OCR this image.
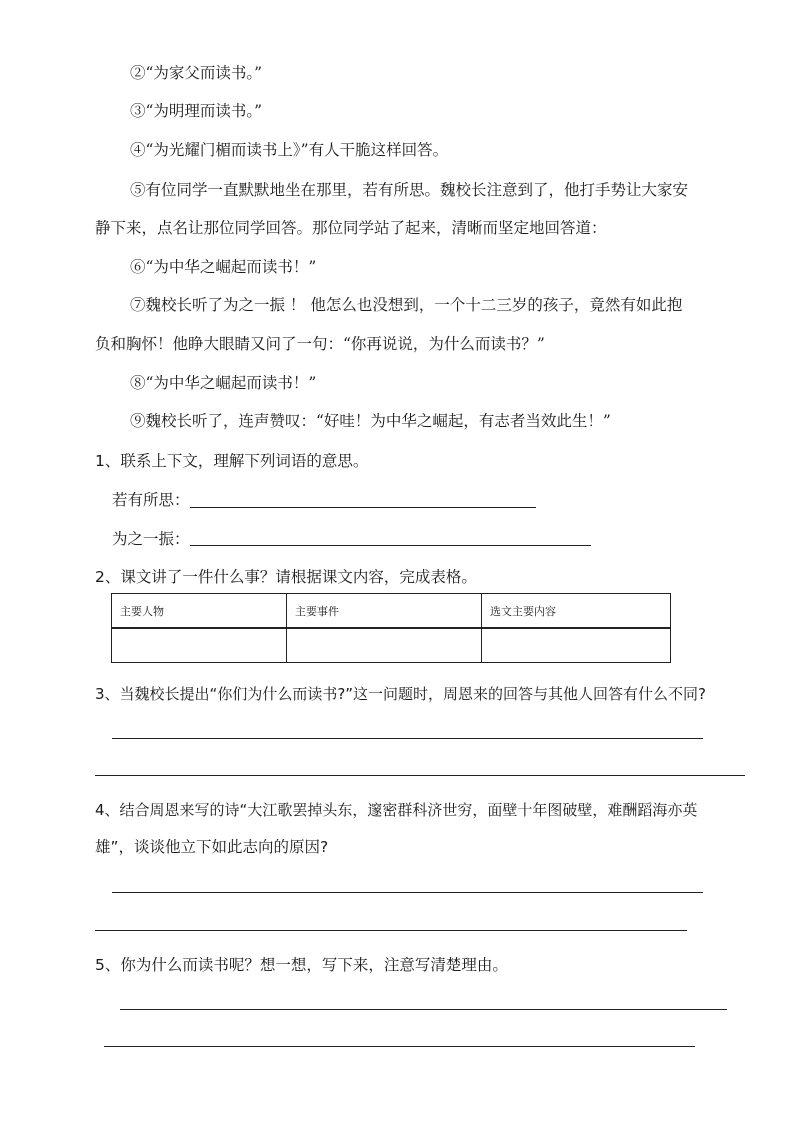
②“为家父而读书。”
③“为明理而读书。”
④“为光耀门楣而读书上》”有人干脆这样回答。
⑤有位同学一直默默地坐在那里，若有所思。魏校长注意到了，他打手势让大家安
静下来，点名让那位同学回答。那位同学站了起来，清晰而坚定地回答道：
⑥“为中华之崛起而读书！”
⑦魏校长听了为之一振 ！ 他怎么也没想到，一个十二三岁的孩子，竟然有如此抱
负和胸怀！他睁大眼睛又问了一句：“你再说说，为什么而读书？”
⑧“为中华之崛起而读书！”
⑨魏校长听了，连声赞叹：“好哇！为中华之崛起，有志者当效此生！”
1、联系上下文，理解下列词语的意思。
若有所思：
为之一振：
2、课文讲了一件什么事？请根据课文内容，完成表格。
主要人物	主要事件	选文主要内容

3、当魏校长提出“你们为什么而读书?”这一问题时，周恩来的回答与其他人回答有什么不同?
4、结合周恩来写的诗“大江歌罢掉头东，邃密群科济世穷，面壁十年图破壁，难酬蹈海亦英
雄”，谈谈他立下如此志向的原因?
5、你为什么而读书呢？想一想，写下来，注意写清楚理由。
